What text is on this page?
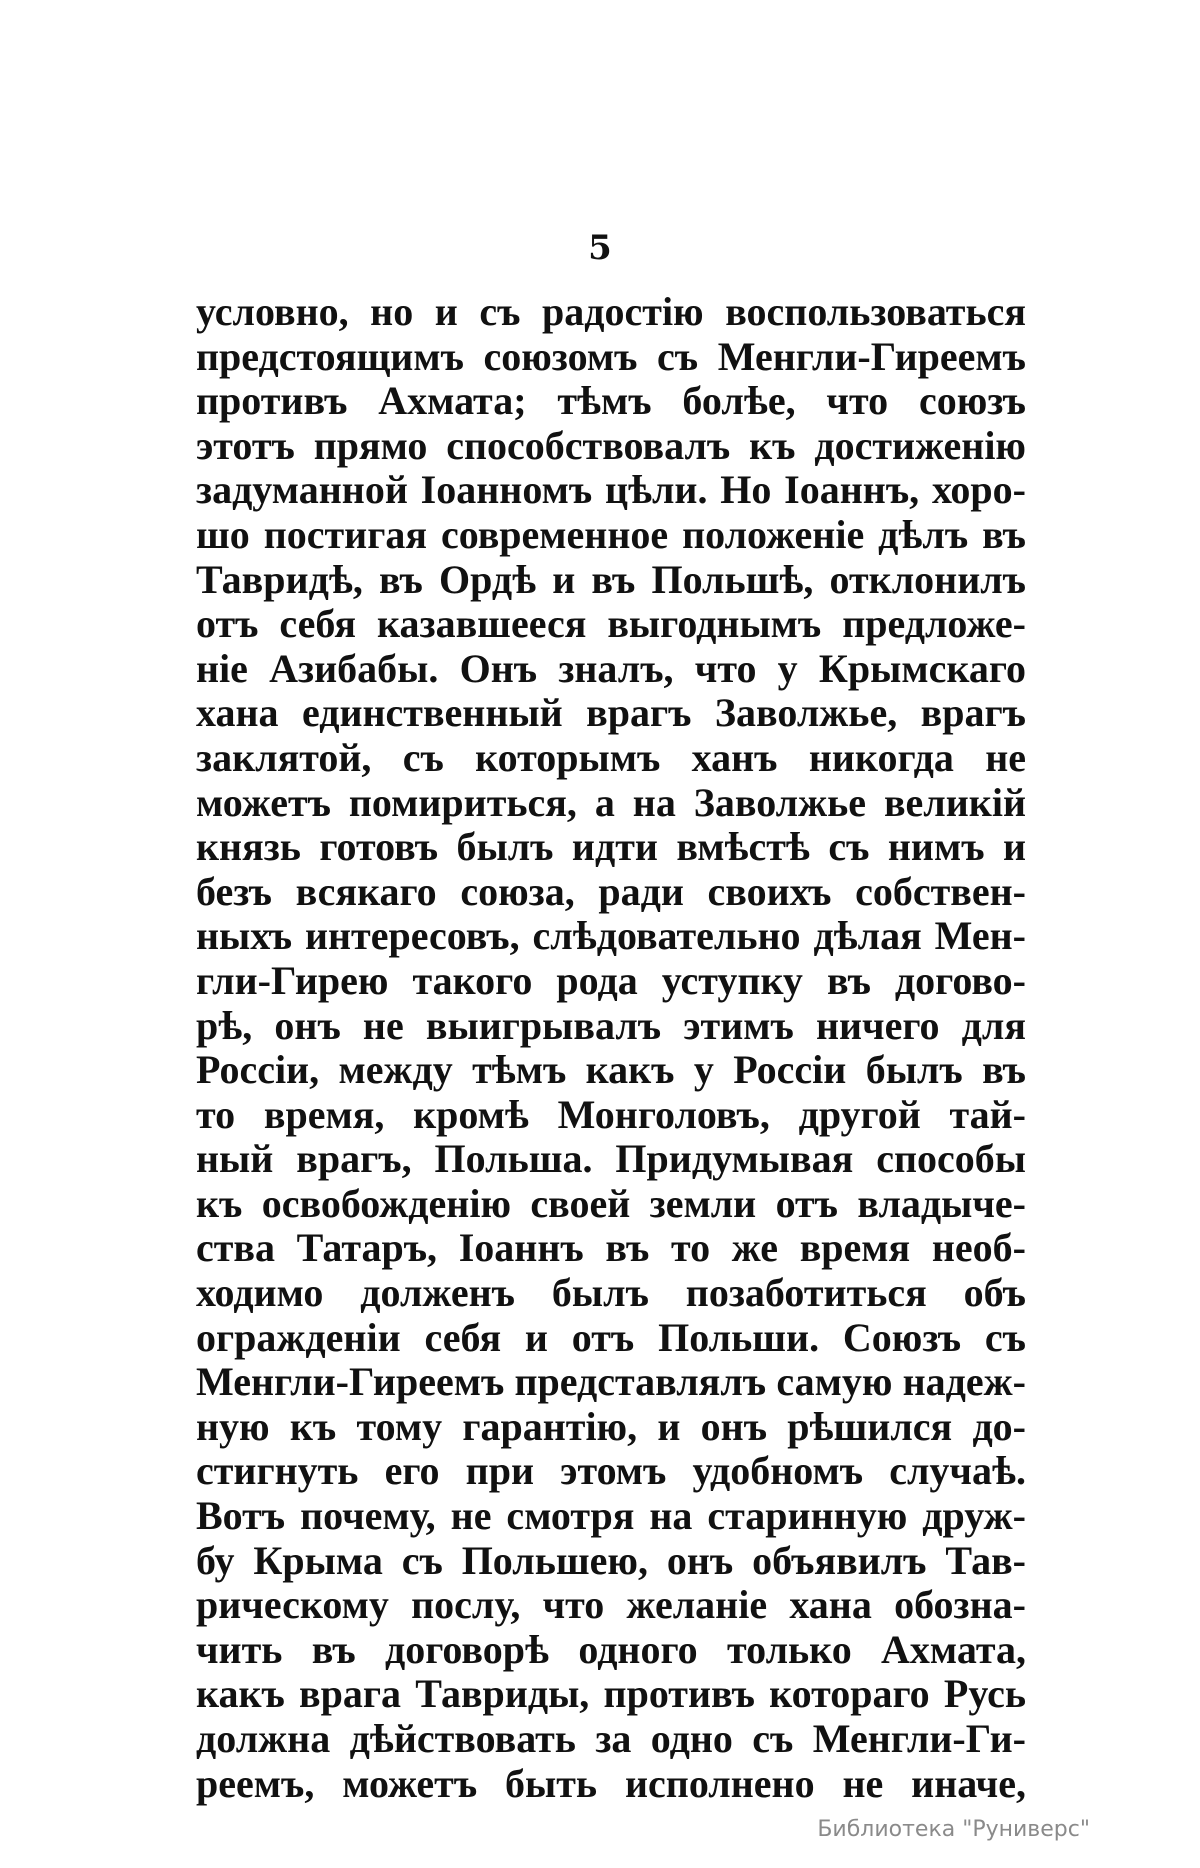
5
условно, но и съ радостiю воспользоваться
предстоящимъ союзомъ съ Менгли-Гиреемъ
противъ Ахмата; тѣмъ болѣе, что союзъ
этотъ прямо способствовалъ къ достиженiю
задуманной Iоанномъ цѣли. Но Iоаннъ, хоро-
шо постигая современное положенiе дѣлъ въ
Тавридѣ, въ Ордѣ и въ Польшѣ, отклонилъ
отъ себя казавшееся выгоднымъ предложе-
нiе Азибабы. Онъ зналъ, что у Крымскаго
хана единственный врагъ Заволжье, врагъ
заклятой, съ которымъ ханъ никогда не
можетъ помириться, а на Заволжье великiй
князь готовъ былъ идти вмѣстѣ съ нимъ и
безъ всякаго союза, ради своихъ собствен-
ныхъ интересовъ, слѣдовательно дѣлая Мен-
гли-Гирею такого рода уступку въ догово-
рѣ, онъ не выигрывалъ этимъ ничего для
Россiи, между тѣмъ какъ у Россiи былъ въ
то время, кромѣ Монголовъ, другой тай-
ный врагъ, Польша. Придумывая способы
къ освобожденiю своей земли отъ владыче-
ства Татаръ, Iоаннъ въ то же время необ-
ходимо долженъ былъ позаботиться объ
огражденiи себя и отъ Польши. Союзъ съ
Менгли-Гиреемъ представлялъ самую надеж-
ную къ тому гарантiю, и онъ рѣшился до-
стигнуть его при этомъ удобномъ случаѣ.
Вотъ почему, не смотря на старинную друж-
бу Крыма съ Польшею, онъ объявилъ Тав-
рическому послу, что желанiе хана обозна-
чить въ договорѣ одного только Ахмата,
какъ врага Тавриды, противъ котораго Русь
должна дѣйствовать за одно съ Менгли-Ги-
реемъ, можетъ быть исполнено не иначе,
Библиотека "Руниверс"
